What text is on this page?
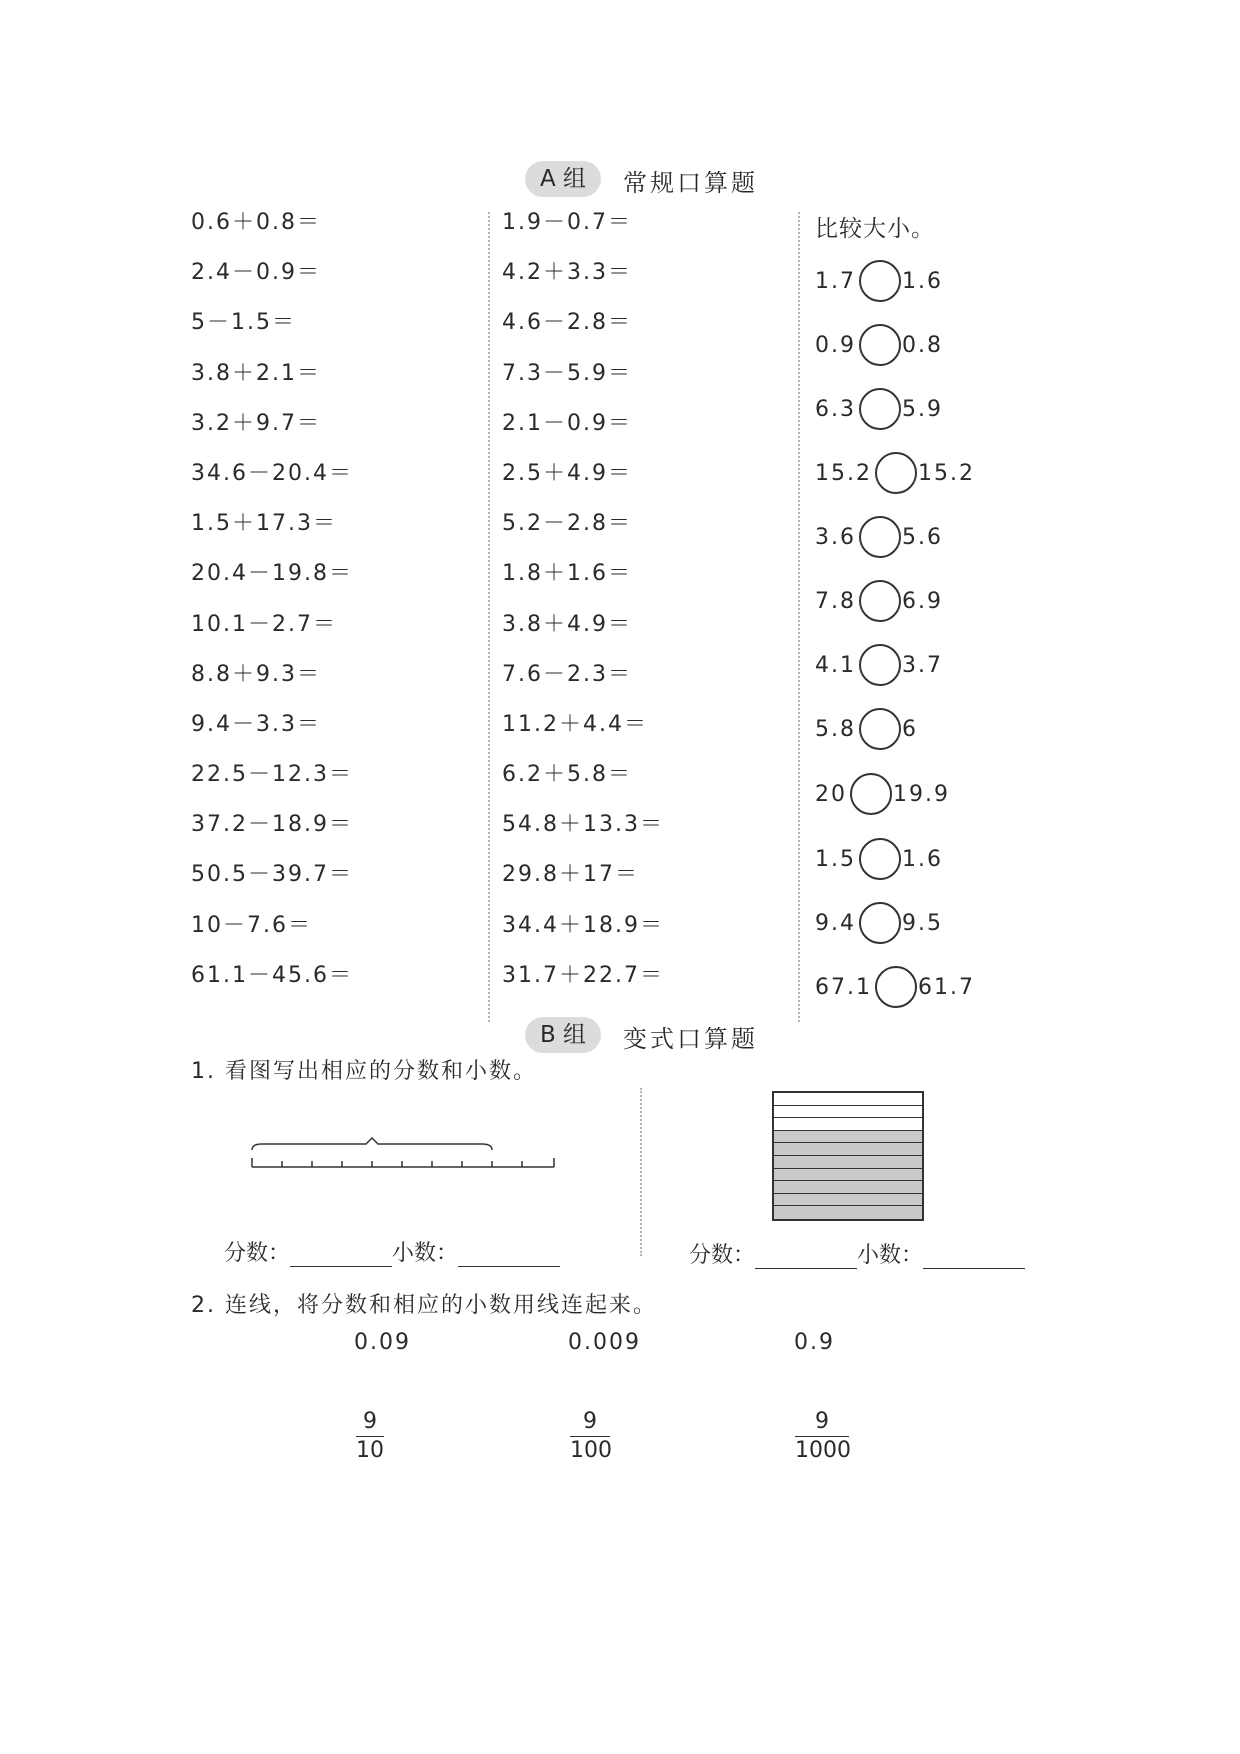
A 组	常规口算题
0.6＋0.8＝
2.4－0.9＝
5－1.5＝
3.8＋2.1＝
3.2＋9.7＝
34.6－20.4＝
1.5＋17.3＝
20.4－19.8＝
10.1－2.7＝
8.8＋9.3＝
9.4－3.3＝
22.5－12.3＝
37.2－18.9＝
50.5－39.7＝
10－7.6＝
61.1－45.6＝
1.9－0.7＝
4.2＋3.3＝
4.6－2.8＝
7.3－5.9＝
2.1－0.9＝
2.5＋4.9＝
5.2－2.8＝
1.8＋1.6＝
3.8＋4.9＝
7.6－2.3＝
11.2＋4.4＝
6.2＋5.8＝
54.8＋13.3＝
29.8＋17＝
34.4＋18.9＝
31.7＋22.7＝
比较大小。
1.7 1.6
0.9 0.8
6.3 5.9
15.2 15.2
3.6 5.6
7.8 6.9
4.1 3.7
5.8 6
20 19.9
1.5 1.6
9.4 9.5
67.1 61.7
B 组	变式口算题
1. 看图写出相应的分数和小数。
分数：	小数：	分数：	小数：
2. 连线，将分数和相应的小数用线连起来。
0.09	0.009	0.9
9
10
9
100
9
1000
